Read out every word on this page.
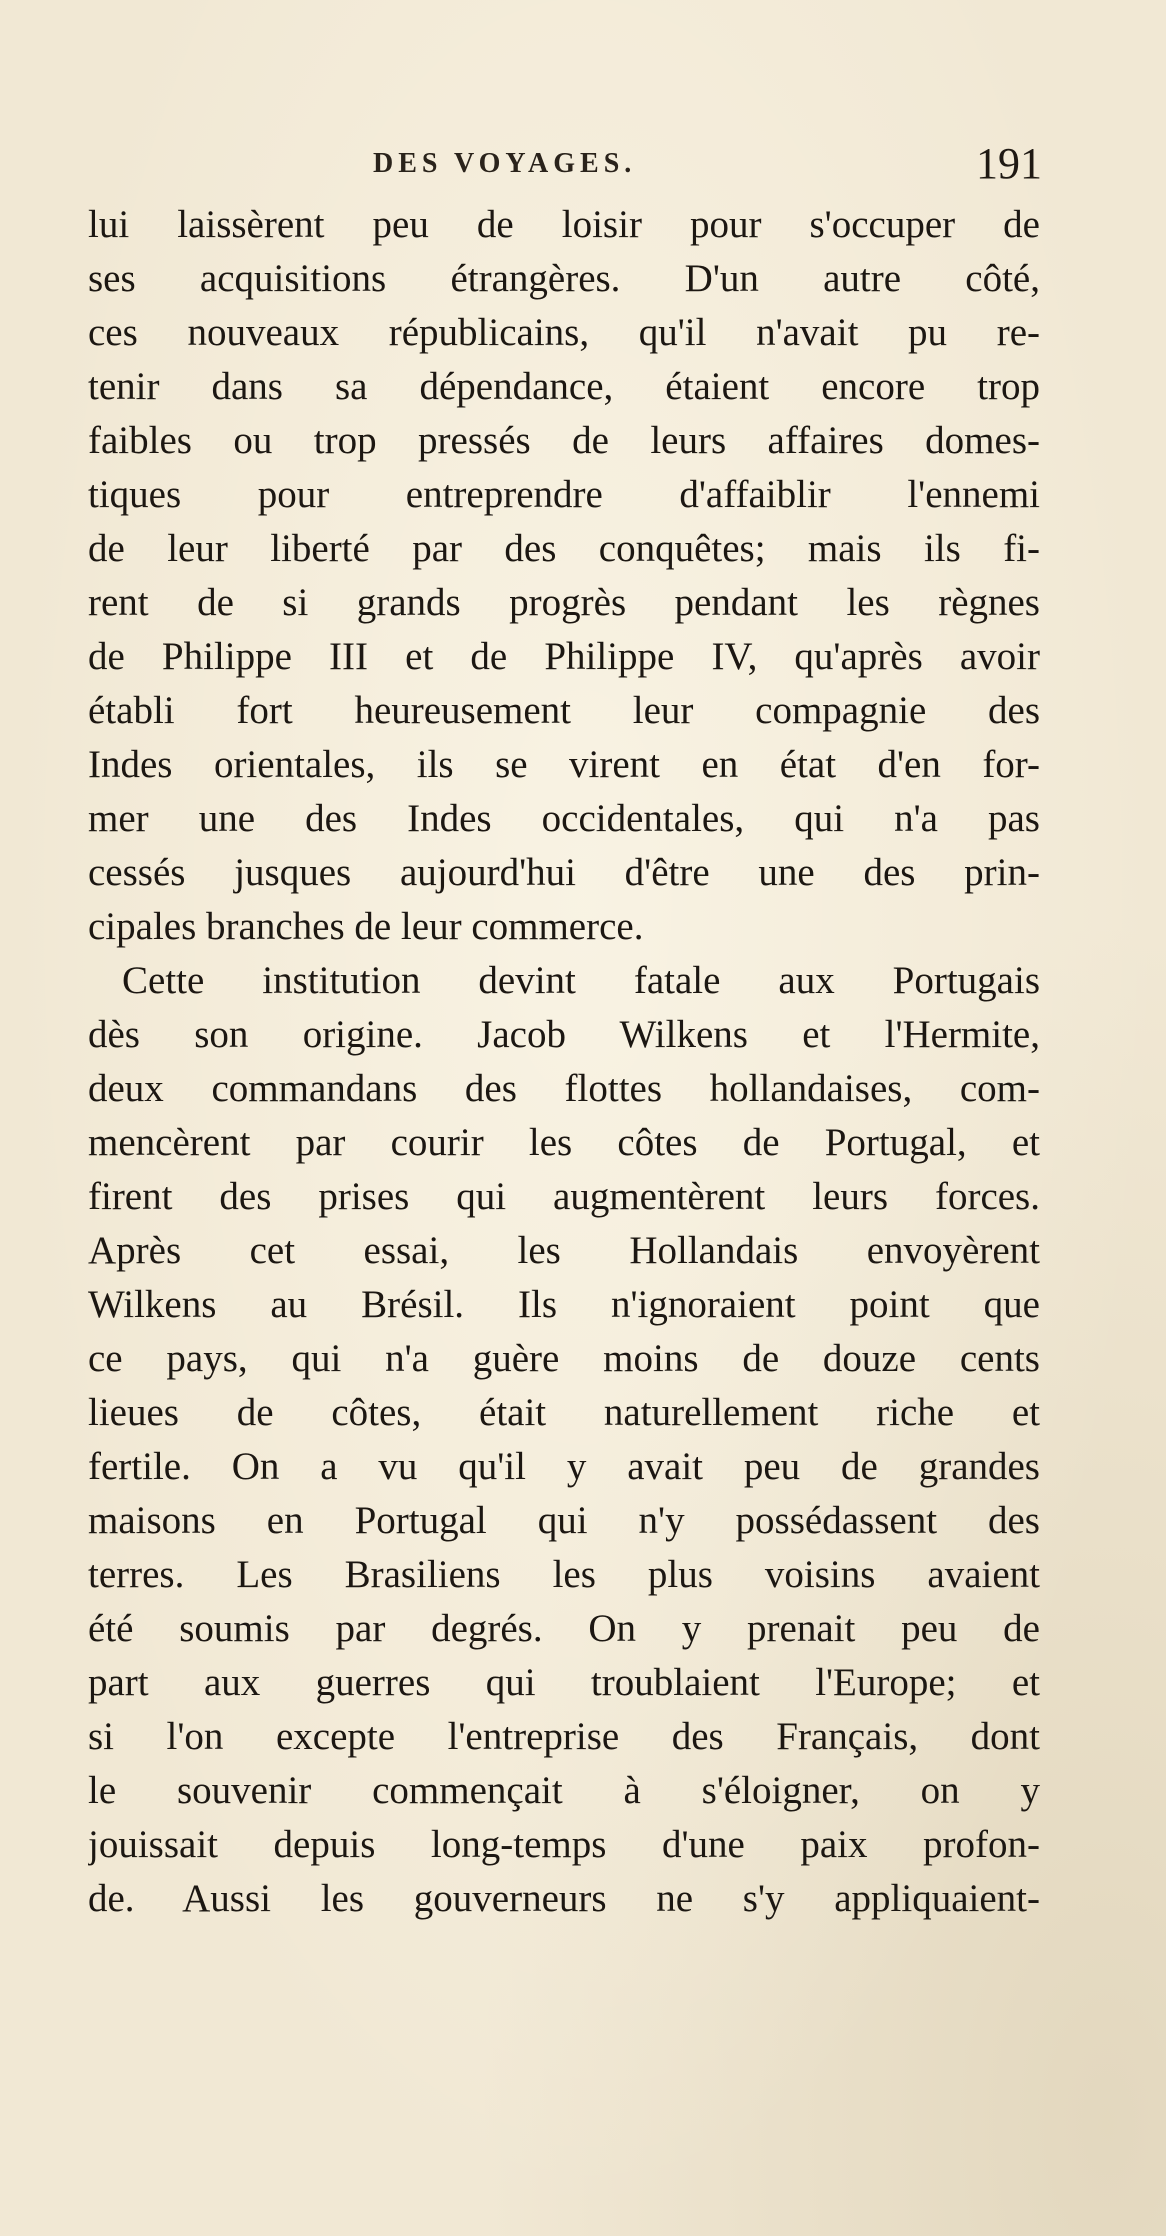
DES VOYAGES.	191
lui laissèrent peu de loisir pour s'occuper de
ses acquisitions étrangères. D'un autre côté,
ces nouveaux républicains, qu'il n'avait pu re-
tenir dans sa dépendance, étaient encore trop
faibles ou trop pressés de leurs affaires domes-
tiques pour entreprendre d'affaiblir l'ennemi
de leur liberté par des conquêtes; mais ils fi-
rent de si grands progrès pendant les règnes
de Philippe III et de Philippe IV, qu'après avoir
établi fort heureusement leur compagnie des
Indes orientales, ils se virent en état d'en for-
mer une des Indes occidentales, qui n'a pas
cessés jusques aujourd'hui d'être une des prin-
cipales branches de leur commerce.
Cette institution devint fatale aux Portugais
dès son origine. Jacob Wilkens et l'Hermite,
deux commandans des flottes hollandaises, com-
mencèrent par courir les côtes de Portugal, et
firent des prises qui augmentèrent leurs forces.
Après cet essai, les Hollandais envoyèrent
Wilkens au Brésil. Ils n'ignoraient point que
ce pays, qui n'a guère moins de douze cents
lieues de côtes, était naturellement riche et
fertile. On a vu qu'il y avait peu de grandes
maisons en Portugal qui n'y possédassent des
terres. Les Brasiliens les plus voisins avaient
été soumis par degrés. On y prenait peu de
part aux guerres qui troublaient l'Europe; et
si l'on excepte l'entreprise des Français, dont
le souvenir commençait à s'éloigner, on y
jouissait depuis long-temps d'une paix profon-
de. Aussi les gouverneurs ne s'y appliquaient-
